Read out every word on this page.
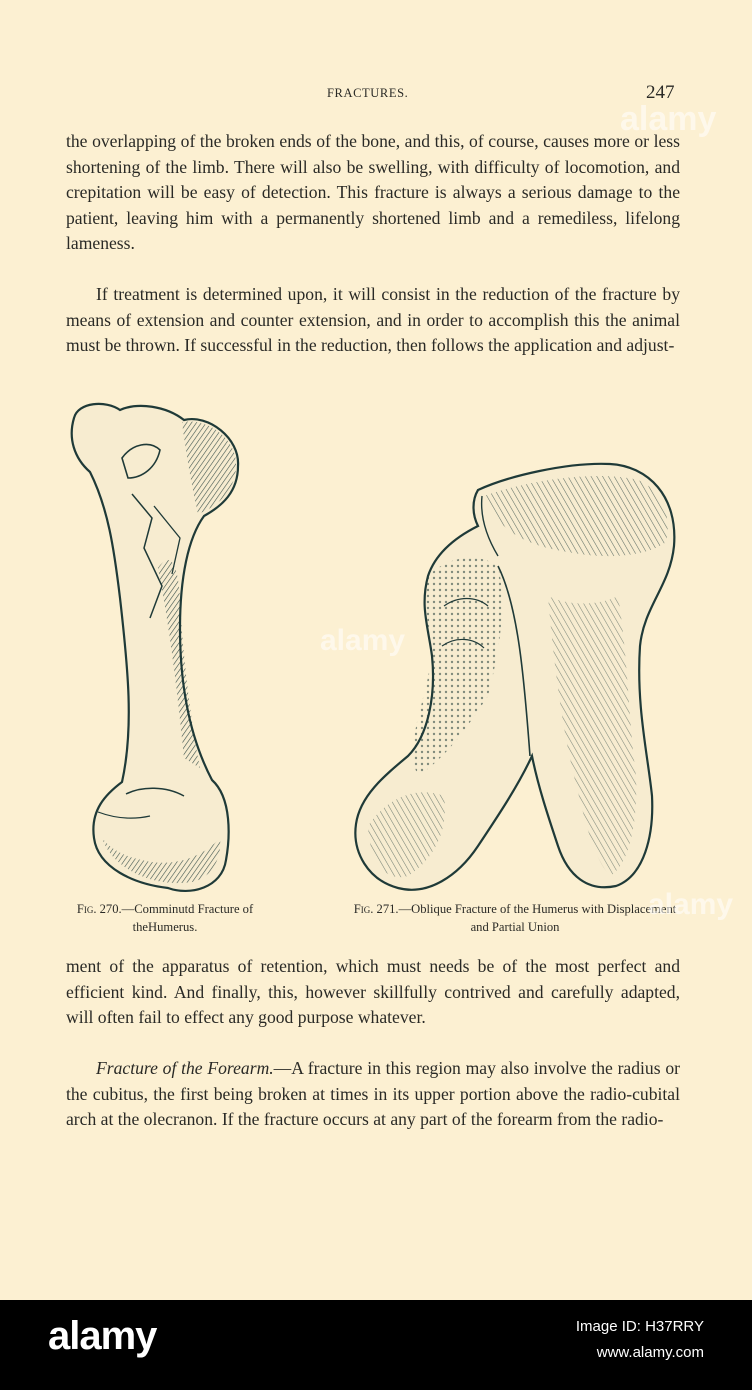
FRACTURES.	247

the overlapping of the broken ends of the bone, and this, of course, causes more or less shortening of the limb. There will also be swelling, with difficulty of locomotion, and crepitation will be easy of detection. This fracture is always a serious damage to the patient, leaving him with a permanently shortened limb and a remediless, lifelong lameness.

If treatment is determined upon, it will consist in the reduction of the fracture by means of extension and counter extension, and in order to accomplish this the animal must be thrown. If successful in the reduction, then follows the application and adjust-

Fig. 270.—Comminutd Fracture of theHumerus.
Fig. 271.—Oblique Fracture of the Humerus with Displacement and Partial Union

ment of the apparatus of retention, which must needs be of the most perfect and efficient kind. And finally, this, however skillfully contrived and carefully adapted, will often fail to effect any good purpose whatever.

Fracture of the Forearm.—A fracture in this region may also involve the radius or the cubitus, the first being broken at times in its upper portion above the radio-cubital arch at the olecranon. If the fracture occurs at any part of the forearm from the radio-

alamy
alamy
alamy
alamy	Image ID: H37RRY
www.alamy.com
